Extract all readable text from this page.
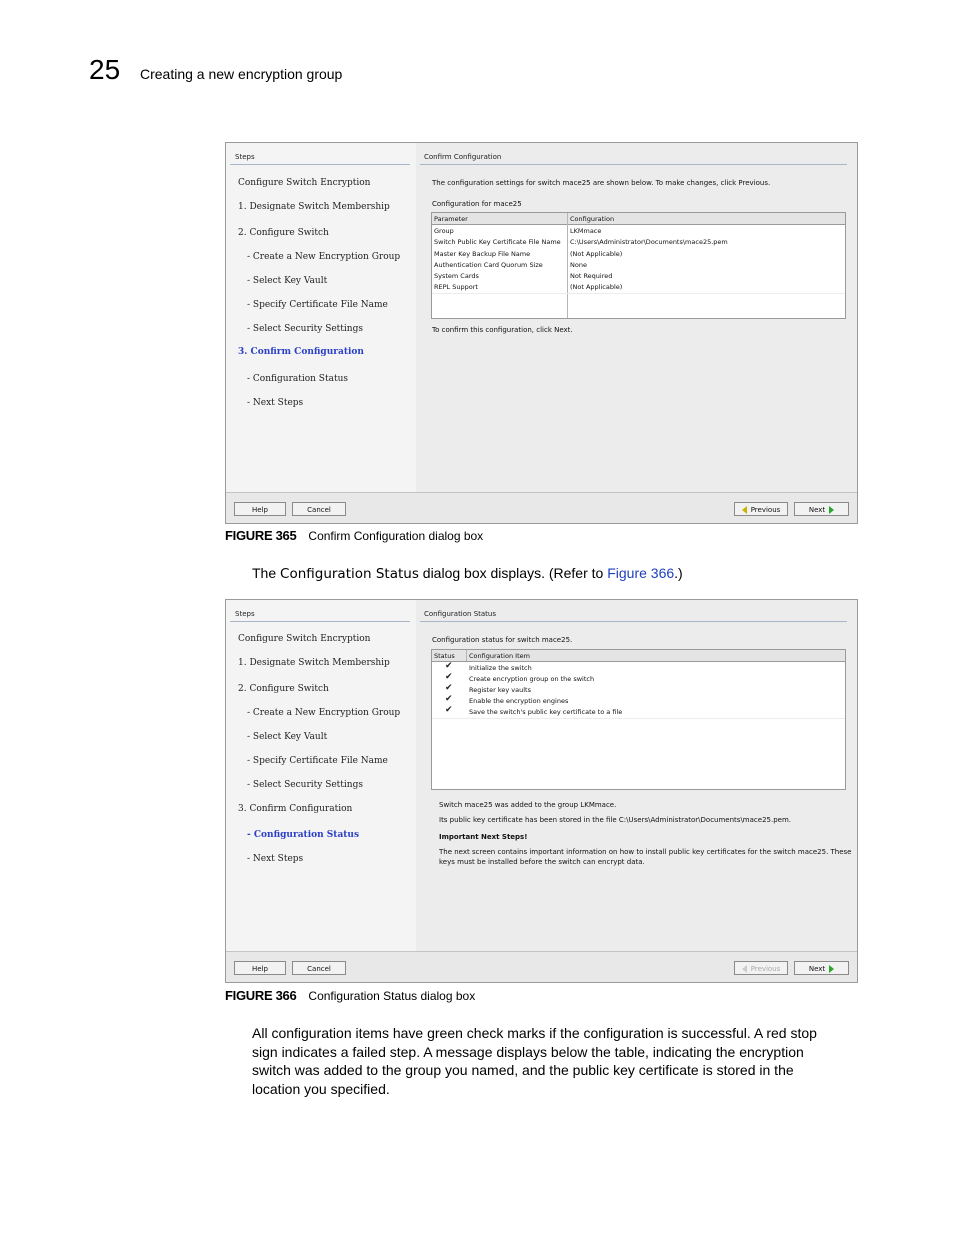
25 Creating a new encryption group
Steps
Configure Switch Encryption
1. Designate Switch Membership
2. Configure Switch
- Create a New Encryption Group
- Select Key Vault
- Specify Certificate File Name
- Select Security Settings
3. Confirm Configuration
- Configuration Status
- Next Steps
Confirm Configuration
The configuration settings for switch mace25 are shown below. To make changes, click Previous.
Configuration for mace25
Parameter	Configuration
Group	LKMmace
Switch Public Key Certificate File Name C:\Users\Administrator\Documents\mace25.pem
Master Key Backup File Name	(Not Applicable)
Authentication Card Quorum Size	None
System Cards	Not Required
REPL Support	(Not Applicable)
To confirm this configuration, click Next.
Help	Cancel	Previous	Next
FIGURE 365 Confirm Configuration dialog box
The Configuration Status dialog box displays. (Refer to Figure 366.)
Steps
Configure Switch Encryption
1. Designate Switch Membership
2. Configure Switch
- Create a New Encryption Group
- Select Key Vault
- Specify Certificate File Name
- Select Security Settings
3. Confirm Configuration
- Configuration Status
- Next Steps
Configuration Status
Configuration status for switch mace25.
Status Configuration Item
✔	Initialize the switch
✔	Create encryption group on the switch
✔	Register key vaults
✔	Enable the encryption engines
✔	Save the switch's public key certificate to a file
Switch mace25 was added to the group LKMmace.
Its public key certificate has been stored in the file C:\Users\Administrator\Documents\mace25.pem.
Important Next Steps!
The next screen contains important information on how to install public key certificates for the switch mace25. These
keys must be installed before the switch can encrypt data.
Help	Cancel	Previous	Next
FIGURE 366 Configuration Status dialog box
All configuration items have green check marks if the configuration is successful. A red stop
sign indicates a failed step. A message displays below the table, indicating the encryption
switch was added to the group you named, and the public key certificate is stored in the
location you specified.
